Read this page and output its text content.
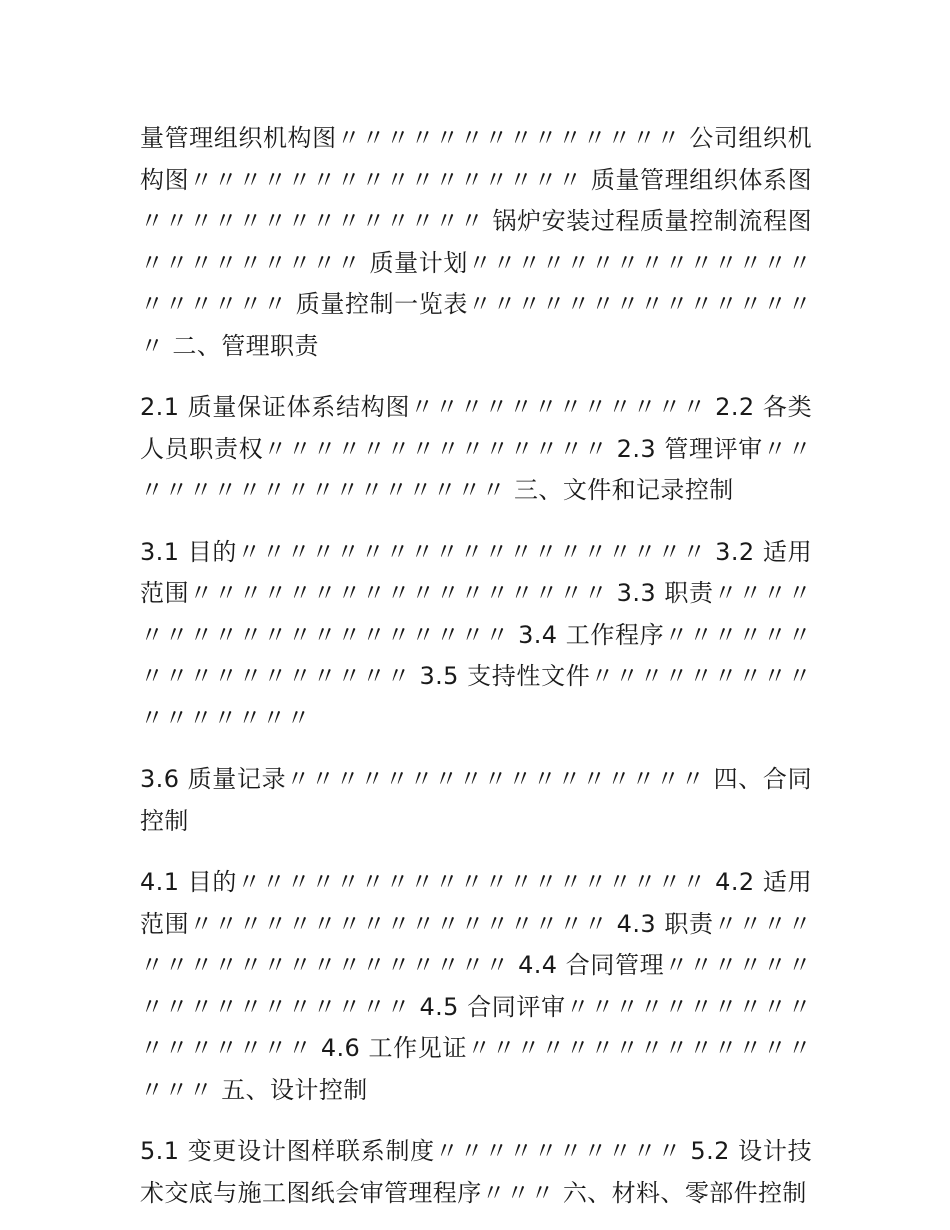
量管理组织机构图〃〃〃〃〃〃〃〃〃〃〃〃〃〃 公司组织机构图〃〃〃〃〃〃〃〃〃〃〃〃〃〃〃〃 质量管理组织体系图〃〃〃〃〃〃〃〃〃〃〃〃〃〃 锅炉安装过程质量控制流程图〃〃〃〃〃〃〃〃〃 质量计划〃〃〃〃〃〃〃〃〃〃〃〃〃〃〃〃〃〃〃〃 质量控制一览表〃〃〃〃〃〃〃〃〃〃〃〃〃〃〃 二、管理职责

2.1 质量保证体系结构图〃〃〃〃〃〃〃〃〃〃〃〃 2.2 各类人员职责权〃〃〃〃〃〃〃〃〃〃〃〃〃〃 2.3 管理评审〃〃〃〃〃〃〃〃〃〃〃〃〃〃〃〃〃 三、文件和记录控制

3.1 目的〃〃〃〃〃〃〃〃〃〃〃〃〃〃〃〃〃〃〃 3.2 适用范围〃〃〃〃〃〃〃〃〃〃〃〃〃〃〃〃〃 3.3 职责〃〃〃〃〃〃〃〃〃〃〃〃〃〃〃〃〃〃〃 3.4 工作程序〃〃〃〃〃〃〃〃〃〃〃〃〃〃〃〃〃 3.5 支持性文件〃〃〃〃〃〃〃〃〃〃〃〃〃〃〃〃

3.6 质量记录〃〃〃〃〃〃〃〃〃〃〃〃〃〃〃〃〃 四、合同控制

4.1 目的〃〃〃〃〃〃〃〃〃〃〃〃〃〃〃〃〃〃〃 4.2 适用范围〃〃〃〃〃〃〃〃〃〃〃〃〃〃〃〃〃 4.3 职责〃〃〃〃〃〃〃〃〃〃〃〃〃〃〃〃〃〃〃 4.4 合同管理〃〃〃〃〃〃〃〃〃〃〃〃〃〃〃〃〃 4.5 合同评审〃〃〃〃〃〃〃〃〃〃〃〃〃〃〃〃〃 4.6 工作见证〃〃〃〃〃〃〃〃〃〃〃〃〃〃〃〃〃 五、设计控制

5.1 变更设计图样联系制度〃〃〃〃〃〃〃〃〃〃 5.2 设计技术交底与施工图纸会审管理程序〃〃〃 六、材料、零部件控制
